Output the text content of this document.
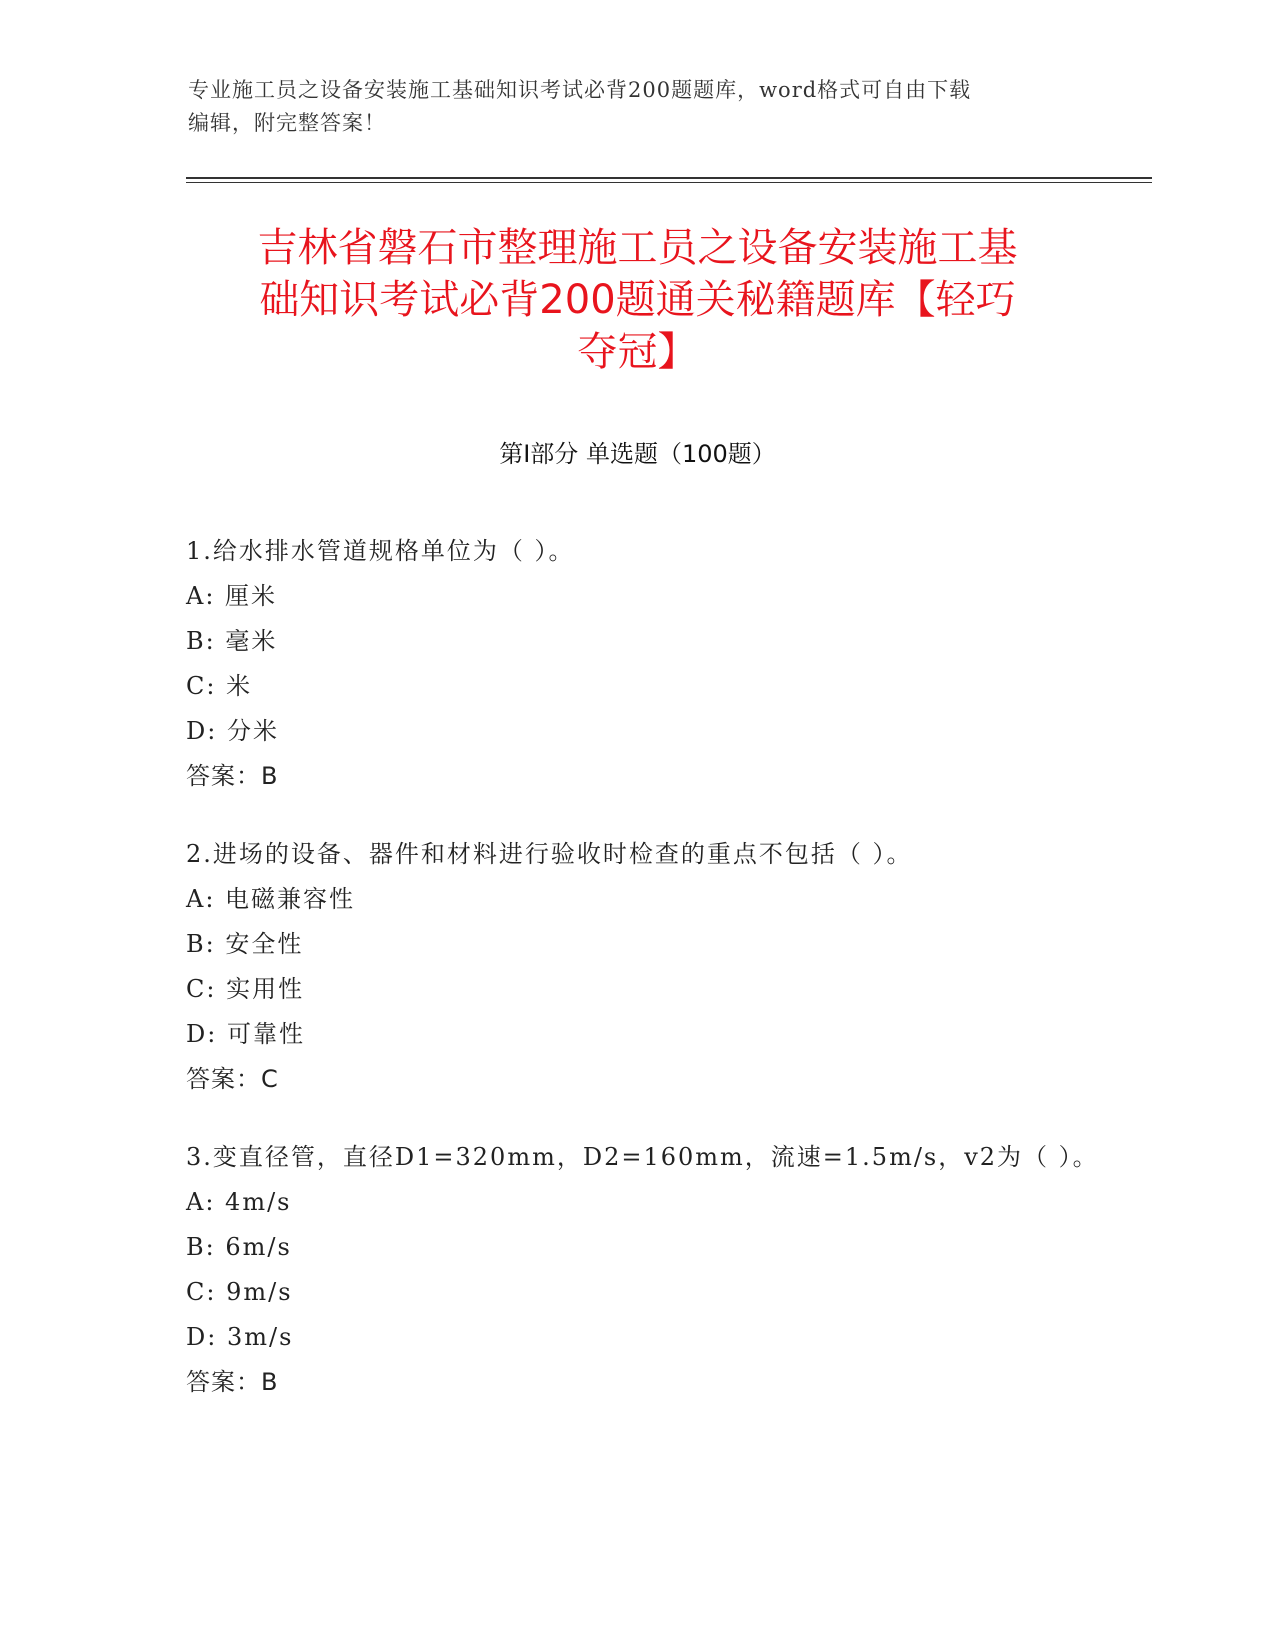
专业施工员之设备安装施工基础知识考试必背200题题库，word格式可自由下载
编辑，附完整答案！
吉林省磐石市整理施工员之设备安装施工基
础知识考试必背200题通关秘籍题库【轻巧
夺冠】
第Ⅰ部分 单选题（100题）
1.给水排水管道规格单位为（ ）。
A: 厘米
B: 毫米
C: 米
D: 分米
答案：B
2.进场的设备、器件和材料进行验收时检查的重点不包括（ ）。
A: 电磁兼容性
B: 安全性
C: 实用性
D: 可靠性
答案：C
3.变直径管，直径D1=320mm，D2=160mm，流速=1.5m/s，v2为（ ）。
A: 4m/s
B: 6m/s
C: 9m/s
D: 3m/s
答案：B
